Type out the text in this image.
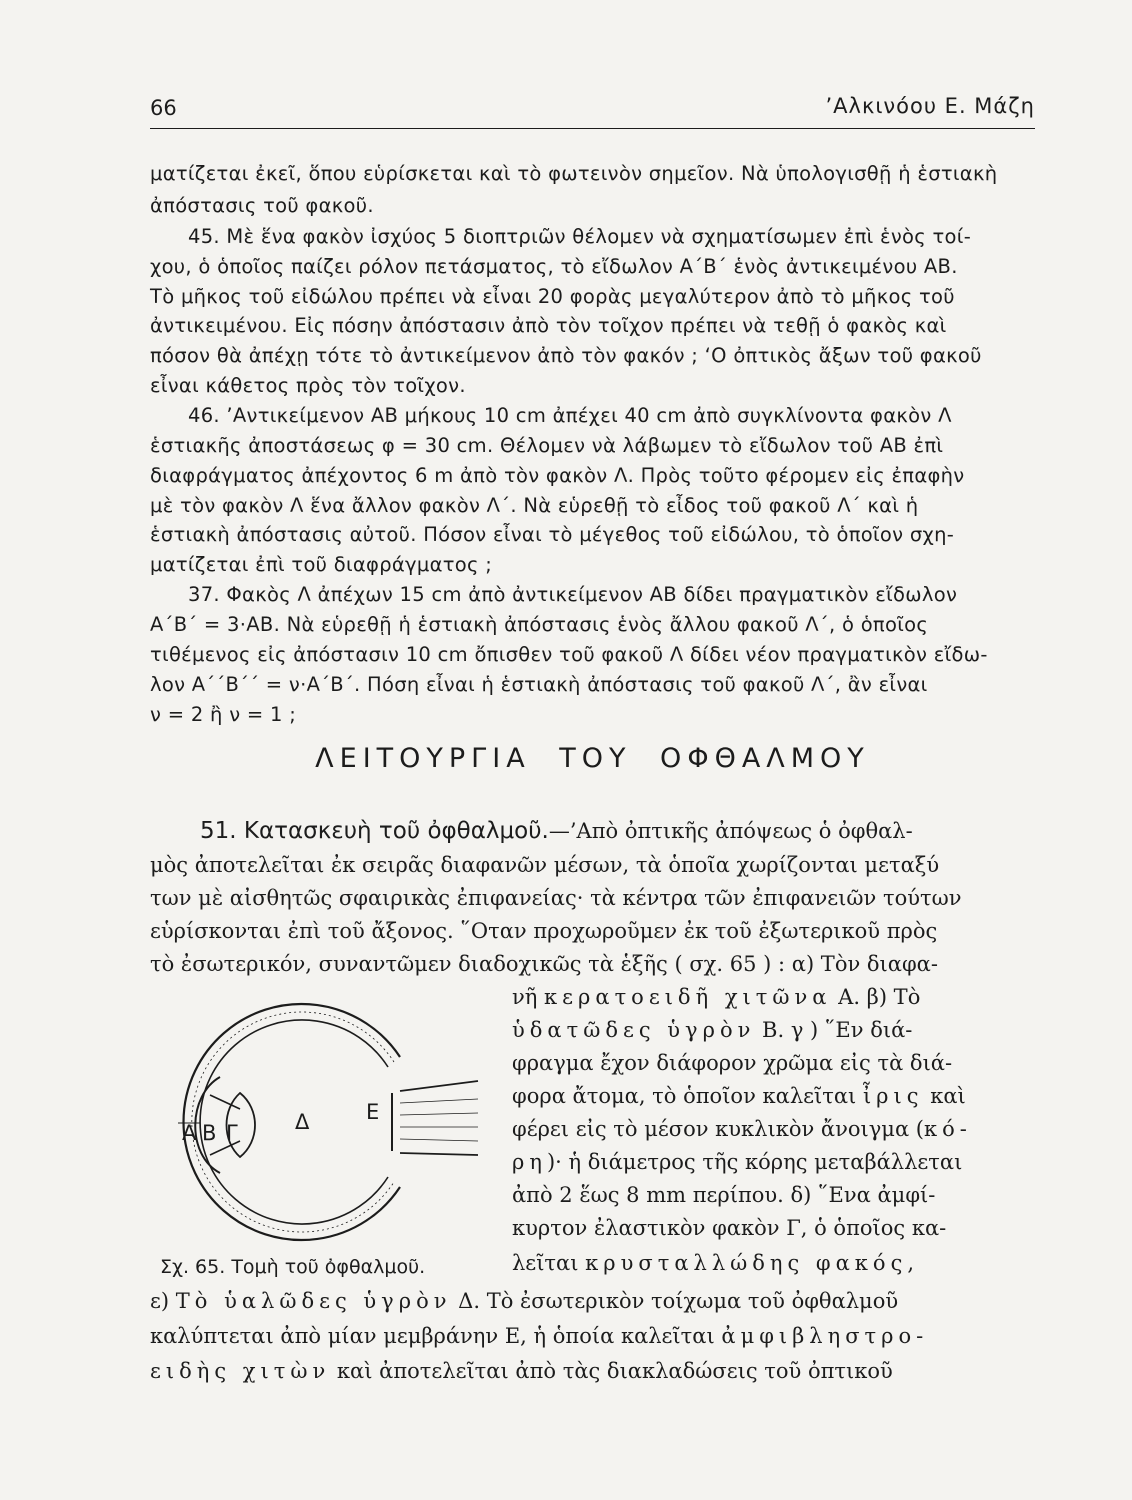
66	’Αλκινόου Ε. Μάζη
ματίζεται ἐκεῖ, ὅπου εὑρίσκεται καὶ τὸ φωτεινὸν σημεῖον. Νὰ ὑπολογισθῇ ἡ ἑστιακὴ
ἀπόστασις τοῦ φακοῦ.
45. Μὲ ἕνα φακὸν ἰσχύος 5 διοπτριῶν θέλομεν νὰ σχηματίσωμεν ἐπὶ ἑνὸς τοί-
χου, ὁ ὁποῖος παίζει ρόλον πετάσματος, τὸ εἴδωλον Α΄Β΄ ἑνὸς ἀντικειμένου ΑΒ.
Τὸ μῆκος τοῦ εἰδώλου πρέπει νὰ εἶναι 20 φορὰς μεγαλύτερον ἀπὸ τὸ μῆκος τοῦ
ἀντικειμένου. Εἰς πόσην ἀπόστασιν ἀπὸ τὸν τοῖχον πρέπει νὰ τεθῇ ὁ φακὸς καὶ
πόσον θὰ ἀπέχῃ τότε τὸ ἀντικείμενον ἀπὸ τὸν φακόν ; ‘Ο ὀπτικὸς ἄξων τοῦ φακοῦ
εἶναι κάθετος πρὸς τὸν τοῖχον.
46. ’Αντικείμενον ΑΒ μήκους 10 cm ἀπέχει 40 cm ἀπὸ συγκλίνοντα φακὸν Λ
ἑστιακῆς ἀποστάσεως φ = 30 cm. Θέλομεν νὰ λάβωμεν τὸ εἴδωλον τοῦ ΑΒ ἐπὶ
διαφράγματος ἀπέχοντος 6 m ἀπὸ τὸν φακὸν Λ. Πρὸς τοῦτο φέρομεν εἰς ἐπαφὴν
μὲ τὸν φακὸν Λ ἕνα ἄλλον φακὸν Λ΄. Νὰ εὑρεθῇ τὸ εἶδος τοῦ φακοῦ Λ΄ καὶ ἡ
ἑστιακὴ ἀπόστασις αὐτοῦ. Πόσον εἶναι τὸ μέγεθος τοῦ εἰδώλου, τὸ ὁποῖον σχη-
ματίζεται ἐπὶ τοῦ διαφράγματος ;
37. Φακὸς Λ ἀπέχων 15 cm ἀπὸ ἀντικείμενον ΑΒ δίδει πραγματικὸν εἴδωλον
Α΄Β΄ = 3·ΑΒ. Νὰ εὑρεθῇ ἡ ἑστιακὴ ἀπόστασις ἑνὸς ἄλλου φακοῦ Λ΄, ὁ ὁποῖος
τιθέμενος εἰς ἀπόστασιν 10 cm ὄπισθεν τοῦ φακοῦ Λ δίδει νέον πραγματικὸν εἴδω-
λον Α΄΄Β΄΄ = ν·Α΄Β΄. Πόση εἶναι ἡ ἑστιακὴ ἀπόστασις τοῦ φακοῦ Λ΄, ἂν εἶναι
ν = 2 ἢ ν = 1 ;
ΛΕΙΤΟΥΡΓΙΑ ΤΟΥ ΟΦΘΑΛΜΟΥ
51. Κατασκευὴ τοῦ ὀφθαλμοῦ.—’Απὸ ὀπτικῆς ἀπόψεως ὁ ὀφθαλ-
μὸς ἀποτελεῖται ἐκ σειρᾶς διαφανῶν μέσων, τὰ ὁποῖα χωρίζονται μεταξύ
των μὲ αἰσθητῶς σφαιρικὰς ἐπιφανείας· τὰ κέντρα τῶν ἐπιφανειῶν τούτων
εὑρίσκονται ἐπὶ τοῦ ἄξονος. ῞Οταν προχωροῦμεν ἐκ τοῦ ἐξωτερικοῦ πρὸς
τὸ ἐσωτερικόν, συναντῶμεν διαδοχικῶς τὰ ἑξῆς ( σχ. 65 ) : α) Τὸν διαφα-
νῆ κερατοειδῆ χιτῶνα Α. β) Τὸ
ὑδατῶδες ὑγρὸν Β. γ ) ῞Εν διά-
φραγμα ἔχον διάφορον χρῶμα εἰς τὰ διά-
φορα ἄτομα, τὸ ὁποῖον καλεῖται ἶρις καὶ
φέρει εἰς τὸ μέσον κυκλικὸν ἄνοιγμα (κό-
ρη)· ἡ διάμετρος τῆς κόρης μεταβάλλεται
ἀπὸ 2 ἕως 8 mm περίπου. δ) ῞Ενα ἀμφί-
κυρτον ἐλαστικὸν φακὸν Γ, ὁ ὁποῖος κα-
λεῖται κρυσταλλώδης φακός,
ε) Τὸ ὑαλῶδες ὑγρὸν Δ. Τὸ ἐσωτερικὸν τοίχωμα τοῦ ὀφθαλμοῦ
καλύπτεται ἀπὸ μίαν μεμβράνην Ε, ἡ ὁποία καλεῖται ἀμφιβληστρο-
ειδὴς χιτὼν καὶ ἀποτελεῖται ἀπὸ τὰς διακλαδώσεις τοῦ ὀπτικοῦ
Α Β Γ	Δ	Ε
Σχ. 65. Τομὴ τοῦ ὀφθαλμοῦ.
